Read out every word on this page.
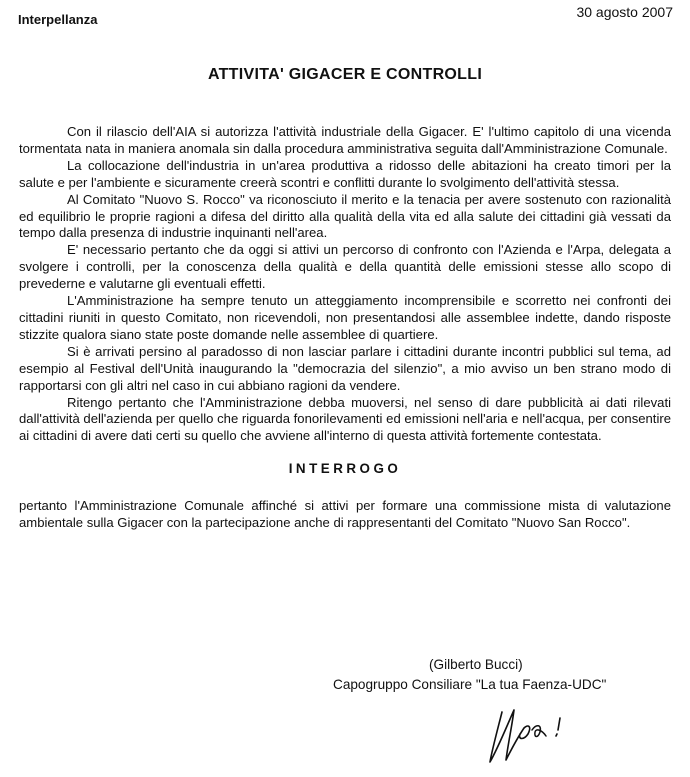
Interpellanza	30 agosto 2007
ATTIVITA' GIGACER E CONTROLLI

Con il rilascio dell'AIA si autorizza l'attività industriale della Gigacer. E' l'ultimo capitolo di una vicenda tormentata nata in maniera anomala sin dalla procedura amministrativa seguita dall'Amministrazione Comunale.

La collocazione dell'industria in un'area produttiva a ridosso delle abitazioni ha creato timori per la salute e per l'ambiente e sicuramente creerà scontri e conflitti durante lo svolgimento dell'attività stessa.

Al Comitato "Nuovo S. Rocco" va riconosciuto il merito e la tenacia per avere sostenuto con razionalità ed equilibrio le proprie ragioni a difesa del diritto alla qualità della vita ed alla salute dei cittadini già vessati da tempo dalla presenza di industrie inquinanti nell'area.

E' necessario pertanto che da oggi si attivi un percorso di confronto con l'Azienda e l'Arpa, delegata a svolgere i controlli, per la conoscenza della qualità e della quantità delle emissioni stesse allo scopo di prevederne e valutarne gli eventuali effetti.

L'Amministrazione ha sempre tenuto un atteggiamento incomprensibile e scorretto nei confronti dei cittadini riuniti in questo Comitato, non ricevendoli, non presentandosi alle assemblee indette, dando risposte stizzite qualora siano state poste domande nelle assemblee di quartiere.

Si è arrivati persino al paradosso di non lasciar parlare i cittadini durante incontri pubblici sul tema, ad esempio al Festival dell'Unità inaugurando la "democrazia del silenzio", a mio avviso un ben strano modo di rapportarsi con gli altri nel caso in cui abbiano ragioni da vendere.

Ritengo pertanto che l'Amministrazione debba muoversi, nel senso di dare pubblicità ai dati rilevati dall'attività dell'azienda per quello che riguarda fonorilevamenti ed emissioni nell'aria e nell'acqua, per consentire ai cittadini di avere dati certi su quello che avviene all'interno di questa attività fortemente contestata.

INTERROGO

pertanto l'Amministrazione Comunale affinché si attivi per formare una commissione mista di valutazione ambientale sulla Gigacer con la partecipazione anche di rappresentanti del Comitato "Nuovo San Rocco".

(Gilberto Bucci)
Capogruppo Consiliare "La tua Faenza-UDC"
